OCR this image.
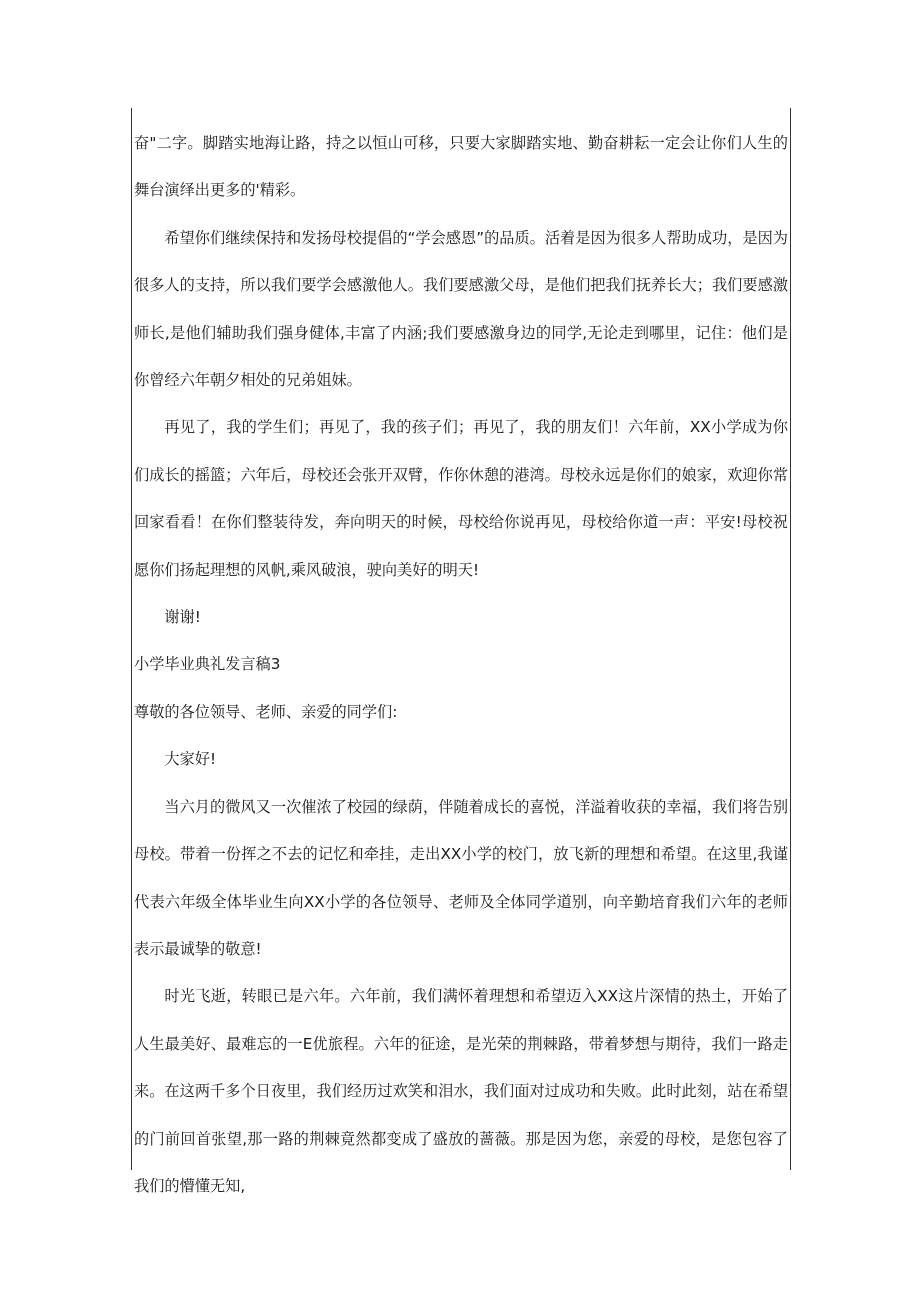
奋"二字。脚踏实地海让路，持之以恒山可移，只要大家脚踏实地、勤奋耕耘一定会让你们人生的舞台演绎出更多的'精彩。

希望你们继续保持和发扬母校提倡的“学会感恩”的品质。活着是因为很多人帮助成功，是因为很多人的支持，所以我们要学会感激他人。我们要感激父母，是他们把我们抚养长大；我们要感激师长,是他们辅助我们强身健体,丰富了内涵;我们要感激身边的同学,无论走到哪里，记住：他们是你曾经六年朝夕相处的兄弟姐妹。

再见了，我的学生们；再见了，我的孩子们；再见了，我的朋友们！六年前，XX小学成为你们成长的摇篮；六年后，母校还会张开双臂，作你休憩的港湾。母校永远是你们的娘家，欢迎你常回家看看！在你们整装待发，奔向明天的时候，母校给你说再见，母校给你道一声：平安!母校祝愿你们扬起理想的风帆,乘风破浪，驶向美好的明天!

谢谢!

小学毕业典礼发言稿3

尊敬的各位领导、老师、亲爱的同学们:

大家好!

当六月的微风又一次催浓了校园的绿荫，伴随着成长的喜悦，洋溢着收获的幸福，我们将告别母校。带着一份挥之不去的记忆和牵挂，走出XX小学的校门，放飞新的理想和希望。在这里,我谨代表六年级全体毕业生向XX小学的各位领导、老师及全体同学道别，向辛勤培育我们六年的老师表示最诚挚的敬意!

时光飞逝，转眼已是六年。六年前，我们满怀着理想和希望迈入XX这片深情的热土，开始了人生最美好、最难忘的一E优旅程。六年的征途，是光荣的荆棘路，带着梦想与期待，我们一路走来。在这两千多个日夜里，我们经历过欢笑和泪水，我们面对过成功和失败。此时此刻，站在希望的门前回首张望,那一路的荆棘竟然都变成了盛放的蔷薇。那是因为您，亲爱的母校，是您包容了我们的懵懂无知,
